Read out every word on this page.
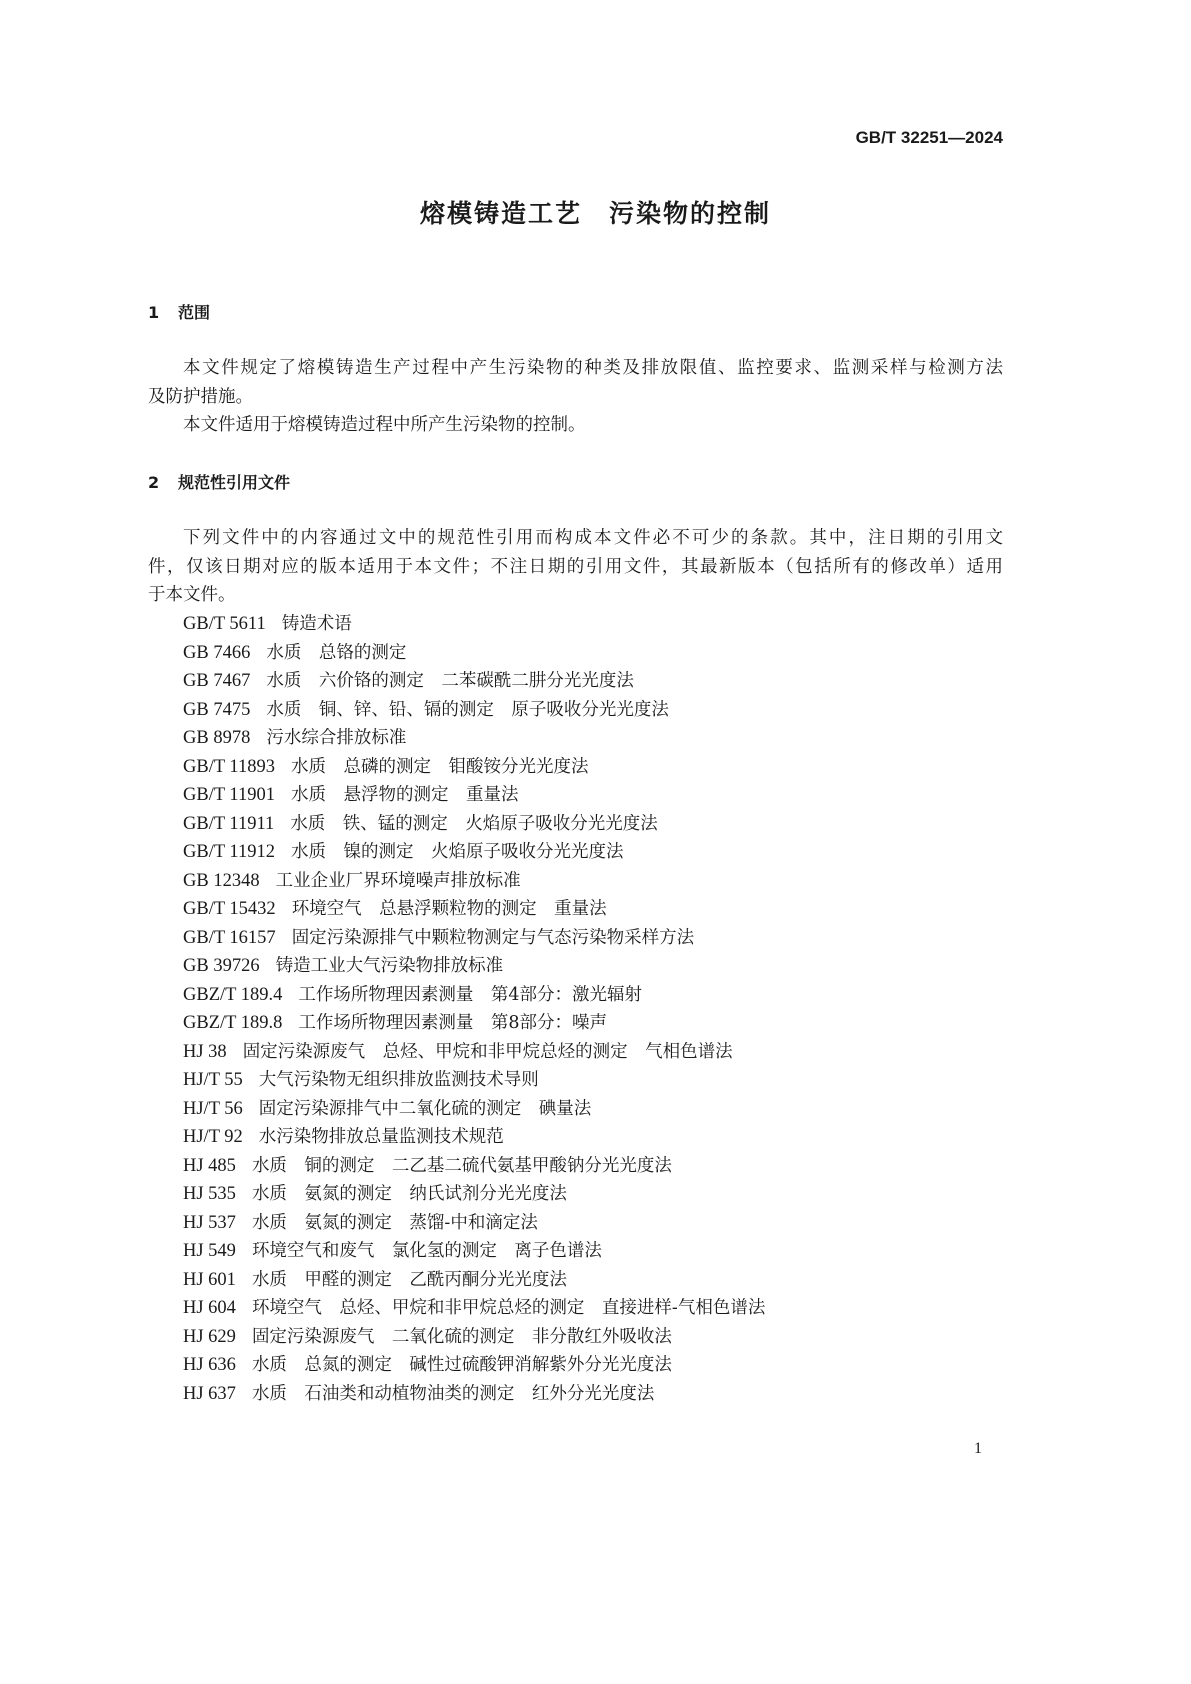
GB/T 32251—2024
熔模铸造工艺　污染物的控制
1 范围
本文件规定了熔模铸造生产过程中产生污染物的种类及排放限值、监控要求、监测采样与检测方法
及防护措施。
本文件适用于熔模铸造过程中所产生污染物的控制。
2 规范性引用文件
下列文件中的内容通过文中的规范性引用而构成本文件必不可少的条款。其中，注日期的引用文
件，仅该日期对应的版本适用于本文件；不注日期的引用文件，其最新版本（包括所有的修改单）适用
于本文件。
GB/T 5611 铸造术语
GB 7466 水质　总铬的测定
GB 7467 水质　六价铬的测定　二苯碳酰二肼分光光度法
GB 7475 水质　铜、锌、铅、镉的测定　原子吸收分光光度法
GB 8978 污水综合排放标准
GB/T 11893 水质　总磷的测定　钼酸铵分光光度法
GB/T 11901 水质　悬浮物的测定　重量法
GB/T 11911 水质　铁、锰的测定　火焰原子吸收分光光度法
GB/T 11912 水质　镍的测定　火焰原子吸收分光光度法
GB 12348 工业企业厂界环境噪声排放标准
GB/T 15432 环境空气　总悬浮颗粒物的测定　重量法
GB/T 16157 固定污染源排气中颗粒物测定与气态污染物采样方法
GB 39726 铸造工业大气污染物排放标准
GBZ/T 189.4 工作场所物理因素测量　第4部分：激光辐射
GBZ/T 189.8 工作场所物理因素测量　第8部分：噪声
HJ 38 固定污染源废气　总烃、甲烷和非甲烷总烃的测定　气相色谱法
HJ/T 55 大气污染物无组织排放监测技术导则
HJ/T 56 固定污染源排气中二氧化硫的测定　碘量法
HJ/T 92 水污染物排放总量监测技术规范
HJ 485 水质　铜的测定　二乙基二硫代氨基甲酸钠分光光度法
HJ 535 水质　氨氮的测定　纳氏试剂分光光度法
HJ 537 水质　氨氮的测定　蒸馏-中和滴定法
HJ 549 环境空气和废气　氯化氢的测定　离子色谱法
HJ 601 水质　甲醛的测定　乙酰丙酮分光光度法
HJ 604 环境空气　总烃、甲烷和非甲烷总烃的测定　直接进样-气相色谱法
HJ 629 固定污染源废气　二氧化硫的测定　非分散红外吸收法
HJ 636 水质　总氮的测定　碱性过硫酸钾消解紫外分光光度法
HJ 637 水质　石油类和动植物油类的测定　红外分光光度法
1
